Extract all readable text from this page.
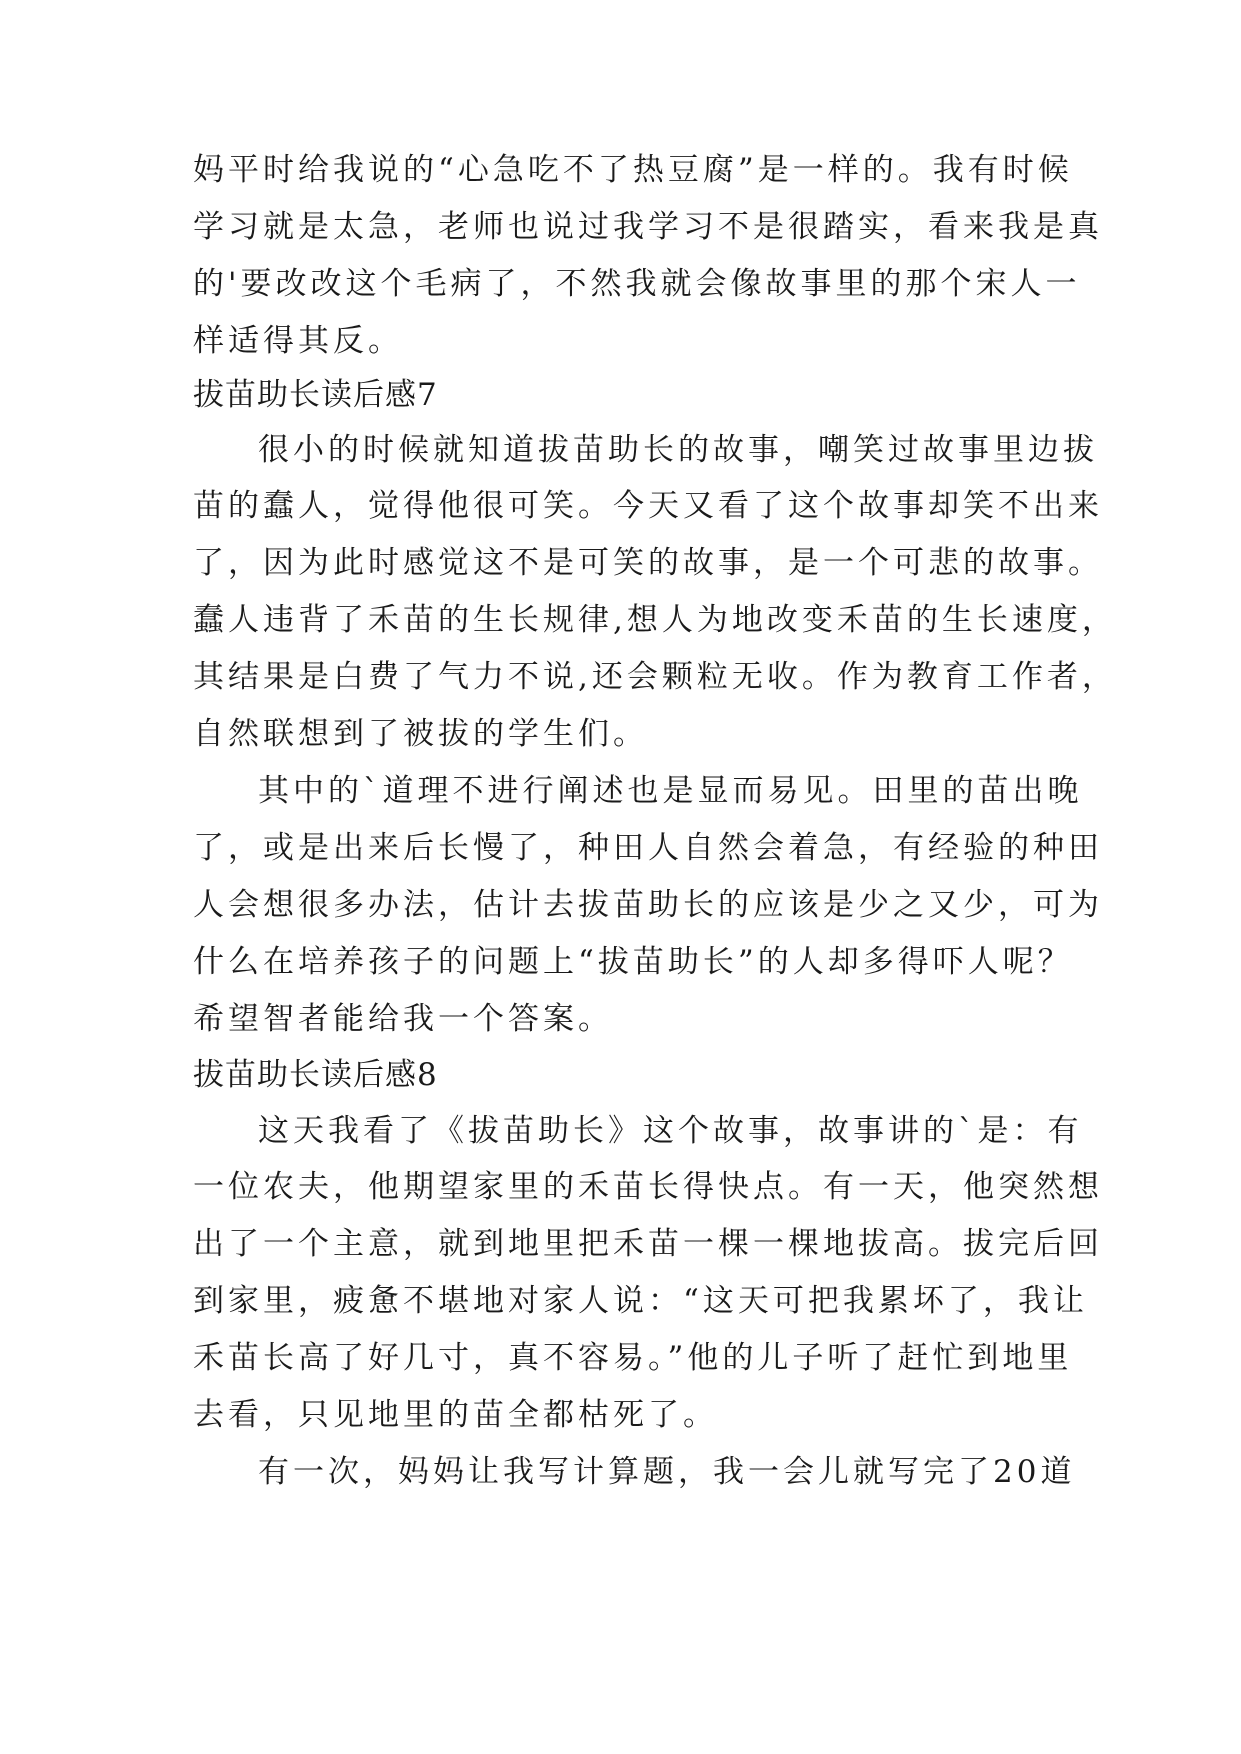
妈平时给我说的“心急吃不了热豆腐”是一样的。我有时候
学习就是太急，老师也说过我学习不是很踏实，看来我是真
的'要改改这个毛病了，不然我就会像故事里的那个宋人一
样适得其反。
拔苗助长读后感7
很小的时候就知道拔苗助长的故事，嘲笑过故事里边拔
苗的蠢人，觉得他很可笑。今天又看了这个故事却笑不出来
了，因为此时感觉这不是可笑的故事，是一个可悲的故事。
蠢人违背了禾苗的生长规律,想人为地改变禾苗的生长速度，
其结果是白费了气力不说,还会颗粒无收。作为教育工作者，
自然联想到了被拔的学生们。
其中的`道理不进行阐述也是显而易见。田里的苗出晚
了，或是出来后长慢了，种田人自然会着急，有经验的种田
人会想很多办法，估计去拔苗助长的应该是少之又少，可为
什么在培养孩子的问题上“拔苗助长”的人却多得吓人呢？
希望智者能给我一个答案。
拔苗助长读后感8
这天我看了《拔苗助长》这个故事，故事讲的`是：有
一位农夫，他期望家里的禾苗长得快点。有一天，他突然想
出了一个主意，就到地里把禾苗一棵一棵地拔高。拔完后回
到家里，疲惫不堪地对家人说：“这天可把我累坏了，我让
禾苗长高了好几寸，真不容易。”他的儿子听了赶忙到地里
去看，只见地里的苗全都枯死了。
有一次，妈妈让我写计算题，我一会儿就写完了20道
